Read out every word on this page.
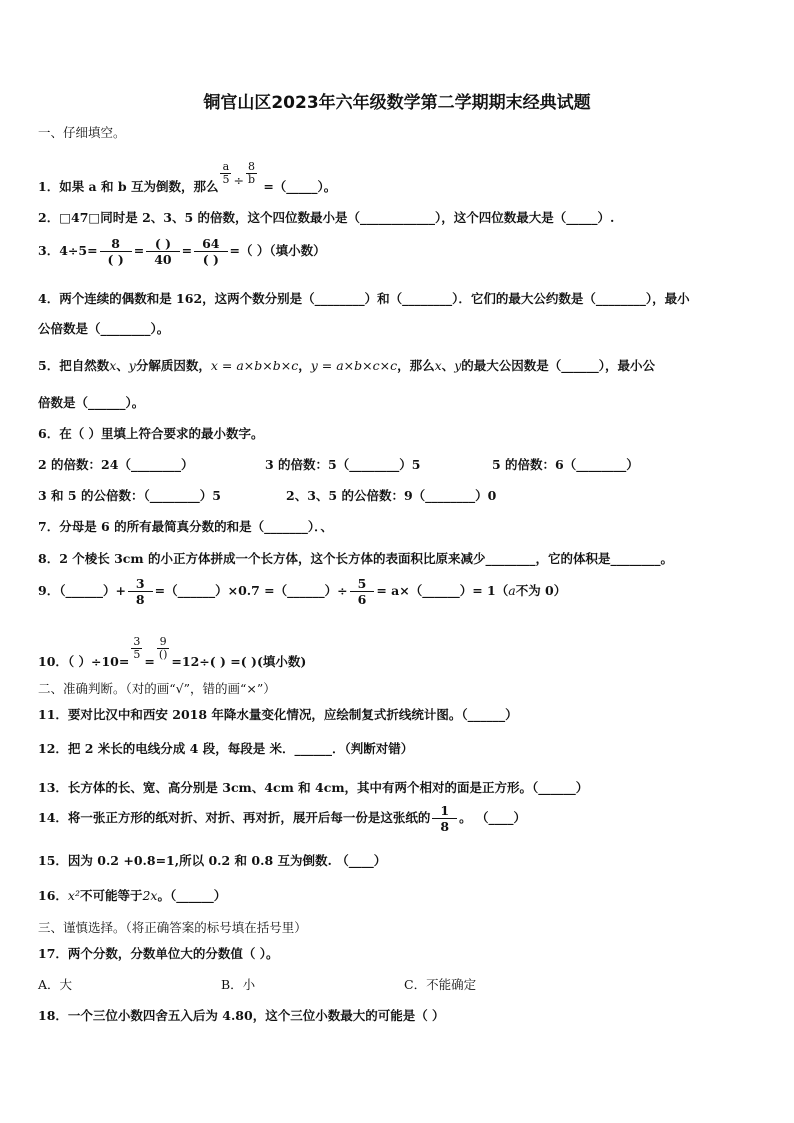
铜官山区2023年六年级数学第二学期期末经典试题
一、仔细填空。
1．如果 a 和 b 互为倒数，那么
$\frac{a}{5} \div \frac{8}{b}$
=（_____）。
2．□47□同时是 2、3、5 的倍数，这个四位数最小是（____________），这个四位数最大是（_____）.
3．$4\div 5= \frac{8}{( )} = \frac{( )}{40} = \frac{64}{( )}$ =（ ）（填小数）
4．两个连续的偶数和是 162，这两个数分别是（________）和（________）．它们的最大公约数是（________），最小
公倍数是（________）。
5．把自然数x、y分解质因数，x = a×b×b×c，y = a×b×c×c，那么x、y的最大公因数是（______），最小公
倍数是（______）。
6．在（ ）里填上符合要求的最小数字。
2 的倍数：24（________）	3 的倍数：5（________）5	5 的倍数：6（________）
3 和 5 的公倍数：（________）5	2、3、5 的公倍数：9（________）0
7．分母是 6 的所有最简真分数的和是（_______）．、
8．2 个棱长 3cm 的小正方体拼成一个长方体，这个长方体的表面积比原来减少________，它的体积是________。
9．（______）+ $\frac{3}{8}$ =（______）×0.7 =（______）÷ $\frac{5}{6}$ = a×（______）= 1（a不为 0）
10．（ ）÷10=
$\frac{3}{5}$
=
$\frac{9}{()}$
=12÷( ) =( )(填小数)
二、准确判断。（对的画“√”，错的画“×”）
11．要对比汉中和西安 2018 年降水量变化情况，应绘制复式折线统计图。（______）
12．把 2 米长的电线分成 4 段，每段是 米．______．（判断对错）
13．长方体的长、宽、高分别是 3cm、4cm 和 4cm，其中有两个相对的面是正方形。（______）
14．将一张正方形的纸对折、对折、再对折，展开后每一份是这张纸的 $\frac{1}{8}$ 。 （____）
15．因为 0.2 +0.8=1,所以 0.2 和 0.8 互为倒数. （____）
16．x²不可能等于2x。（______）
三、谨慎选择。（将正确答案的标号填在括号里）
17．两个分数，分数单位大的分数值（ ）。
A．大	B．小	C．不能确定
18．一个三位小数四舍五入后为 4.80，这个三位小数最大的可能是（ ）
